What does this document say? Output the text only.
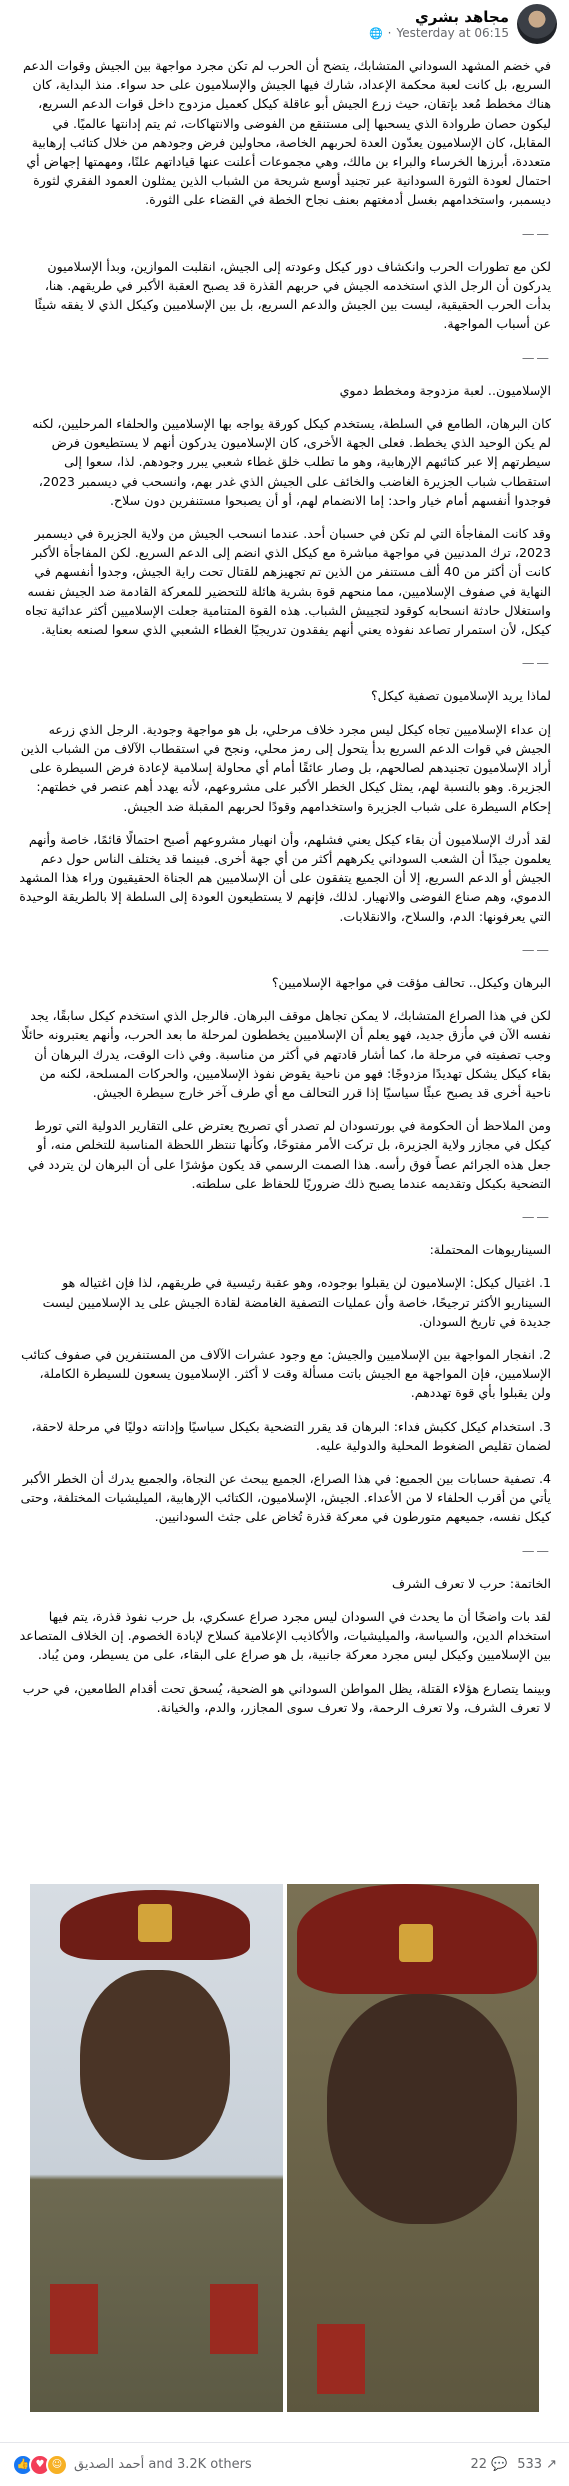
مجاهد بشري
🌐 · Yesterday at 06:15

في خضم المشهد السوداني المتشابك، يتضح أن الحرب لم تكن مجرد مواجهة بين الجيش وقوات الدعم السريع، بل كانت لعبة محكمة الإعداد، شارك فيها الجيش والإسلاميون على حد سواء. منذ البداية، كان هناك مخطط مُعد بإتقان، حيث زرع الجيش أبو عاقلة كيكل كعميل مزدوج داخل قوات الدعم السريع، ليكون حصان طروادة الذي يسحبها إلى مستنقع من الفوضى والانتهاكات، ثم يتم إدانتها عالميًا. في المقابل، كان الإسلاميون يعدّون العدة لحربهم الخاصة، محاولين فرض وجودهم من خلال كتائب إرهابية متعددة، أبرزها الخرساء والبراء بن مالك، وهي مجموعات أعلنت عنها قياداتهم علنًا، ومهمتها إجهاض أي احتمال لعودة الثورة السودانية عبر تجنيد أوسع شريحة من الشباب الذين يمثلون العمود الفقري لثورة ديسمبر، واستخدامهم بغسل أدمغتهم بعنف نجاح الخطة في القضاء على الثورة.

——

لكن مع تطورات الحرب وانكشاف دور كيكل وعودته إلى الجيش، انقلبت الموازين، وبدأ الإسلاميون يدركون أن الرجل الذي استخدمه الجيش في حربهم القذرة قد يصبح العقبة الأكبر في طريقهم. هنا، بدأت الحرب الحقيقية، ليست بين الجيش والدعم السريع، بل بين الإسلاميين وكيكل الذي لا يفقه شيئًا عن أسباب المواجهة.

——

الإسلاميون.. لعبة مزدوجة ومخطط دموي

كان البرهان، الطامع في السلطة، يستخدم كيكل كورقة يواجه بها الإسلاميين والحلفاء المرحليين، لكنه لم يكن الوحيد الذي يخطط. فعلى الجهة الأخرى، كان الإسلاميون يدركون أنهم لا يستطيعون فرض سيطرتهم إلا عبر كتائبهم الإرهابية، وهو ما تطلب خلق غطاء شعبي يبرر وجودهم. لذا، سعوا إلى استقطاب شباب الجزيرة الغاضب والخائف على الجيش الذي غدر بهم، وانسحب في ديسمبر 2023، فوجدوا أنفسهم أمام خيار واحد: إما الانضمام لهم، أو أن يصبحوا مستنفرين دون سلاح.

وقد كانت المفاجأة التي لم تكن في حسبان أحد. عندما انسحب الجيش من ولاية الجزيرة في ديسمبر 2023، ترك المدنيين في مواجهة مباشرة مع كيكل الذي انضم إلى الدعم السريع. لكن المفاجأة الأكبر كانت أن أكثر من 40 ألف مستنفر من الذين تم تجهيزهم للقتال تحت راية الجيش، وجدوا أنفسهم في النهاية في صفوف الإسلاميين، مما منحهم قوة بشرية هائلة للتحضير للمعركة القادمة ضد الجيش نفسه واستغلال حادثة انسحابه كوقود لتجييش الشباب. هذه القوة المتنامية جعلت الإسلاميين أكثر عدائية تجاه كيكل، لأن استمرار تصاعد نفوذه يعني أنهم يفقدون تدريجيًا الغطاء الشعبي الذي سعوا لصنعه بعناية.

——

لماذا يريد الإسلاميون تصفية كيكل؟

إن عداء الإسلاميين تجاه كيكل ليس مجرد خلاف مرحلي، بل هو مواجهة وجودية. الرجل الذي زرعه الجيش في قوات الدعم السريع بدأ يتحول إلى رمز محلي، ونجح في استقطاب الآلاف من الشباب الذين أراد الإسلاميون تجنيدهم لصالحهم، بل وصار عائقًا أمام أي محاولة إسلامية لإعادة فرض السيطرة على الجزيرة. وهو بالنسبة لهم، يمثل كيكل الخطر الأكبر على مشروعهم، لأنه يهدد أهم عنصر في خطتهم: إحكام السيطرة على شباب الجزيرة واستخدامهم وقودًا لحربهم المقبلة ضد الجيش.

لقد أدرك الإسلاميون أن بقاء كيكل يعني فشلهم، وأن انهيار مشروعهم أصبح احتمالًا قائمًا، خاصة وأنهم يعلمون جيدًا أن الشعب السوداني يكرههم أكثر من أي جهة أخرى. فبينما قد يختلف الناس حول دعم الجيش أو الدعم السريع، إلا أن الجميع يتفقون على أن الإسلاميين هم الجناة الحقيقيون وراء هذا المشهد الدموي، وهم صناع الفوضى والانهيار. لذلك، فإنهم لا يستطيعون العودة إلى السلطة إلا بالطريقة الوحيدة التي يعرفونها: الدم، والسلاح، والانقلابات.

——

البرهان وكيكل.. تحالف مؤقت في مواجهة الإسلاميين؟

لكن في هذا الصراع المتشابك، لا يمكن تجاهل موقف البرهان. فالرجل الذي استخدم كيكل سابقًا، يجد نفسه الآن في مأزق جديد، فهو يعلم أن الإسلاميين يخططون لمرحلة ما بعد الحرب، وأنهم يعتبرونه حائلًا وجب تصفيته في مرحلة ما، كما أشار قادتهم في أكثر من مناسبة. وفي ذات الوقت، يدرك البرهان أن بقاء كيكل يشكل تهديدًا مزدوجًا: فهو من ناحية يقوض نفوذ الإسلاميين، والحركات المسلحة، لكنه من ناحية أخرى قد يصبح عبئًا سياسيًا إذا قرر التحالف مع أي طرف آخر خارج سيطرة الجيش.

ومن الملاحظ أن الحكومة في بورتسودان لم تصدر أي تصريح يعترض على التقارير الدولية التي تورط كيكل في مجازر ولاية الجزيرة، بل تركت الأمر مفتوحًا، وكأنها تنتظر اللحظة المناسبة للتخلص منه، أو جعل هذه الجرائم عصاً فوق رأسه. هذا الصمت الرسمي قد يكون مؤشرًا على أن البرهان لن يتردد في التضحية بكيكل وتقديمه عندما يصبح ذلك ضروريًا للحفاظ على سلطته.

——

السيناريوهات المحتملة:

1. اغتيال كيكل: الإسلاميون لن يقبلوا بوجوده، وهو عقبة رئيسية في طريقهم، لذا فإن اغتياله هو السيناريو الأكثر ترجيحًا، خاصة وأن عمليات التصفية الغامضة لقادة الجيش على يد الإسلاميين ليست جديدة في تاريخ السودان.

2. انفجار المواجهة بين الإسلاميين والجيش: مع وجود عشرات الآلاف من المستنفرين في صفوف كتائب الإسلاميين، فإن المواجهة مع الجيش باتت مسألة وقت لا أكثر. الإسلاميون يسعون للسيطرة الكاملة، ولن يقبلوا بأي قوة تهددهم.

3. استخدام كيكل ككبش فداء: البرهان قد يقرر التضحية بكيكل سياسيًا وإدانته دوليًا في مرحلة لاحقة، لضمان تقليص الضغوط المحلية والدولية عليه.

4. تصفية حسابات بين الجميع: في هذا الصراع، الجميع يبحث عن النجاة، والجميع يدرك أن الخطر الأكبر يأتي من أقرب الحلفاء لا من الأعداء. الجيش، الإسلاميون، الكتائب الإرهابية، الميليشيات المختلفة، وحتى كيكل نفسه، جميعهم متورطون في معركة قذرة تُخاض على جثث السودانيين.

——

الخاتمة: حرب لا تعرف الشرف

لقد بات واضحًا أن ما يحدث في السودان ليس مجرد صراع عسكري، بل حرب نفوذ قذرة، يتم فيها استخدام الدين، والسياسة، والميليشيات، والأكاذيب الإعلامية كسلاح لإبادة الخصوم. إن الخلاف المتصاعد بين الإسلاميين وكيكل ليس مجرد معركة جانبية، بل هو صراع على البقاء، على من يسيطر، ومن يُباد.

وبينما يتصارع هؤلاء القتلة، يظل المواطن السوداني هو الضحية، يُسحق تحت أقدام الطامعين، في حرب لا تعرف الشرف، ولا تعرف الرحمة، ولا تعرف سوى المجازر، والدم، والخيانة.

👍 ♥ ☺ أحمد الصديق and 3.2K others	22 💬 533 ↗
